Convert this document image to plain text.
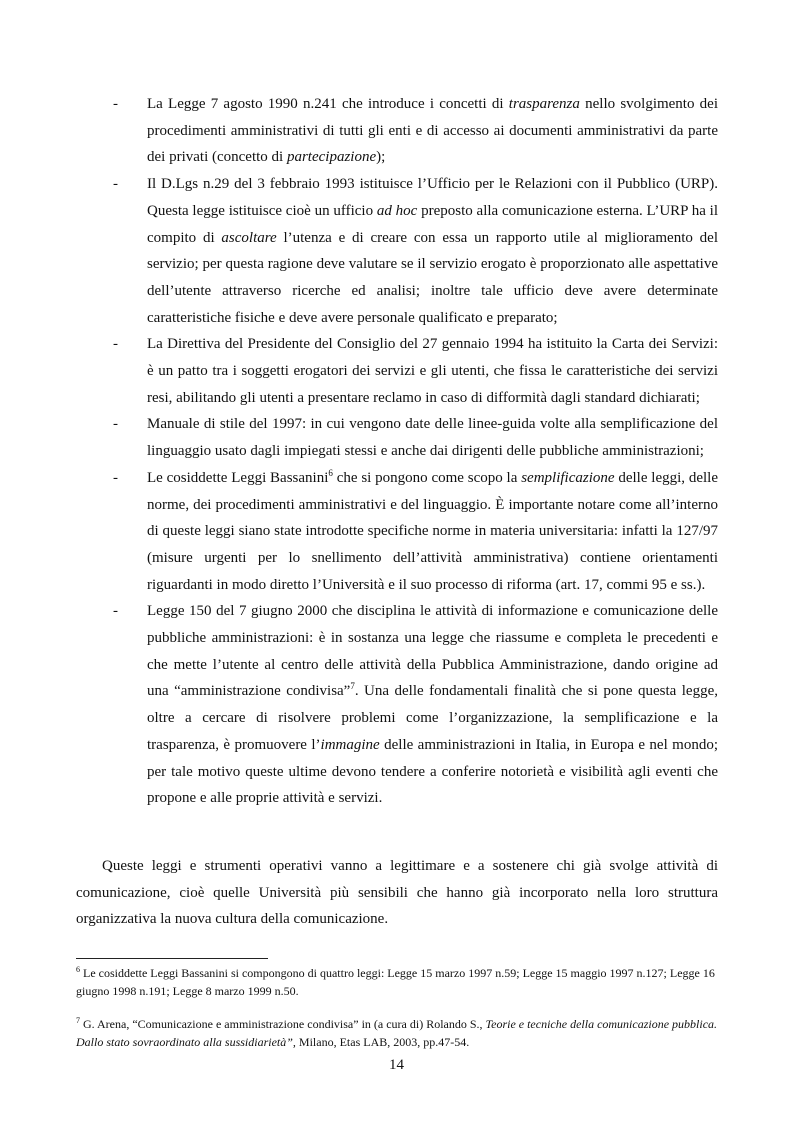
- La Legge 7 agosto 1990 n.241 che introduce i concetti di trasparenza nello svolgimento dei procedimenti amministrativi di tutti gli enti e di accesso ai documenti amministrativi da parte dei privati (concetto di partecipazione);
- Il D.Lgs n.29 del 3 febbraio 1993 istituisce l’Ufficio per le Relazioni con il Pubblico (URP). Questa legge istituisce cioè un ufficio ad hoc preposto alla comunicazione esterna. L’URP ha il compito di ascoltare l’utenza e di creare con essa un rapporto utile al miglioramento del servizio; per questa ragione deve valutare se il servizio erogato è proporzionato alle aspettative dell’utente attraverso ricerche ed analisi; inoltre tale ufficio deve avere determinate caratteristiche fisiche e deve avere personale qualificato e preparato;
- La Direttiva del Presidente del Consiglio del 27 gennaio 1994 ha istituito la Carta dei Servizi: è un patto tra i soggetti erogatori dei servizi e gli utenti, che fissa le caratteristiche dei servizi resi, abilitando gli utenti a presentare reclamo in caso di difformità dagli standard dichiarati;
- Manuale di stile del 1997: in cui vengono date delle linee-guida volte alla semplificazione del linguaggio usato dagli impiegati stessi e anche dai dirigenti delle pubbliche amministrazioni;
- Le cosiddette Leggi Bassanini$^6$ che si pongono come scopo la semplificazione delle leggi, delle norme, dei procedimenti amministrativi e del linguaggio. È importante notare come all’interno di queste leggi siano state introdotte specifiche norme in materia universitaria: infatti la 127/97 (misure urgenti per lo snellimento dell’attività amministrativa) contiene orientamenti riguardanti in modo diretto l’Università e il suo processo di riforma (art. 17, commi 95 e ss.).
- Legge 150 del 7 giugno 2000 che disciplina le attività di informazione e comunicazione delle pubbliche amministrazioni: è in sostanza una legge che riassume e completa le precedenti e che mette l’utente al centro delle attività della Pubblica Amministrazione, dando origine ad una “amministrazione condivisa”$^7$. Una delle fondamentali finalità che si pone questa legge, oltre a cercare di risolvere problemi come l’organizzazione, la semplificazione e la trasparenza, è promuovere l’immagine delle amministrazioni in Italia, in Europa e nel mondo; per tale motivo queste ultime devono tendere a conferire notorietà e visibilità agli eventi che propone e alle proprie attività e servizi.

Queste leggi e strumenti operativi vanno a legittimare e a sostenere chi già svolge attività di comunicazione, cioè quelle Università più sensibili che hanno già incorporato nella loro struttura organizzativa la nuova cultura della comunicazione.

$^6$ Le cosiddette Leggi Bassanini si compongono di quattro leggi: Legge 15 marzo 1997 n.59; Legge 15 maggio 1997 n.127; Legge 16 giugno 1998 n.191; Legge 8 marzo 1999 n.50.

$^7$ G. Arena, “Comunicazione e amministrazione condivisa” in (a cura di) Rolando S., Teorie e tecniche della comunicazione pubblica. Dallo stato sovraordinato alla sussidiarietà”, Milano, Etas LAB, 2003, pp.47-54.

14
